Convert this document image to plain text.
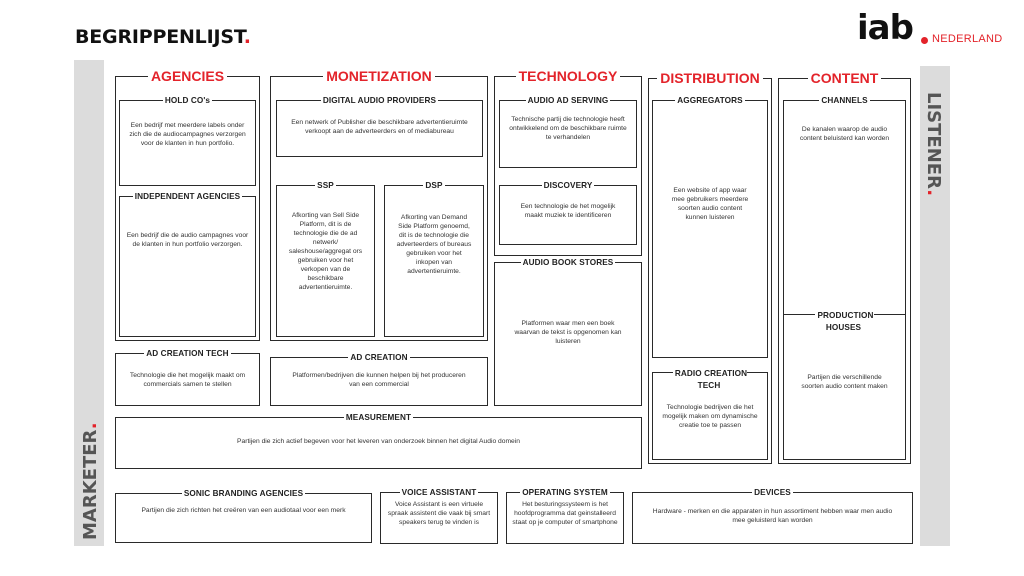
BEGRIPPENLIJST.	iab NEDERLAND
MARKETER.
LISTENER.
AGENCIES	MONETIZATION	TECHNOLOGY	DISTRIBUTION	CONTENT
HOLD CO's
Een bedrijf met meerdere labels onder zich die de audiocampagnes verzorgen voor de klanten in hun portfolio.
INDEPENDENT AGENCIES
Een bedrijf die de audio campagnes voor de klanten in hun portfolio verzorgen.
AD CREATION TECH
Technologie die het mogelijk maakt om commercials samen te stellen
DIGITAL AUDIO PROVIDERS
Een netwerk of Publisher die beschikbare advertentieruimte verkoopt aan de adverteerders en of mediabureau
SSP
Afkorting van Sell Side Platform, dit is de technologie die de ad netwerk/ saleshouse/aggregat ors gebruiken voor het verkopen van de beschikbare advertentieruimte.
DSP
Afkorting van Demand Side Platform genoemd, dit is de technologie die adverteerders of bureaus gebruiken voor het inkopen van advertentieruimte.
AD CREATION
Platformen/bedrijven die kunnen helpen bij het produceren van een commercial
AUDIO AD SERVING
Technische partij die technologie heeft ontwikkelend om de beschikbare ruimte te verhandelen
DISCOVERY
Een technologie de het mogelijk maakt muziek te identificeren
AUDIO BOOK STORES
Platformen waar men een boek waarvan de tekst is opgenomen kan luisteren
AGGREGATORS
Een website of app waar mee gebruikers meerdere soorten audio content kunnen luisteren
RADIO CREATION TECH
Technologie bedrijven die het mogelijk maken om dynamische creatie toe te passen
CHANNELS
De kanalen waarop de audio content beluisterd kan worden
PRODUCTION HOUSES
Partijen die verschillende soorten audio content maken
MEASUREMENT
Partijen die zich actief begeven voor het leveren van onderzoek binnen het digital Audio domein
SONIC BRANDING AGENCIES
Partijen die zich richten het creëren van een audiotaal voor een merk
VOICE ASSISTANT
Voice Assistant is een virtuele spraak assistent die vaak bij smart speakers terug te vinden is
OPERATING SYSTEM
Het besturingssysteem is het hoofdprogramma dat geinstalleerd staat op je computer of smartphone
DEVICES
Hardware - merken en die apparaten in hun assortiment hebben waar men audio mee geluisterd kan worden
